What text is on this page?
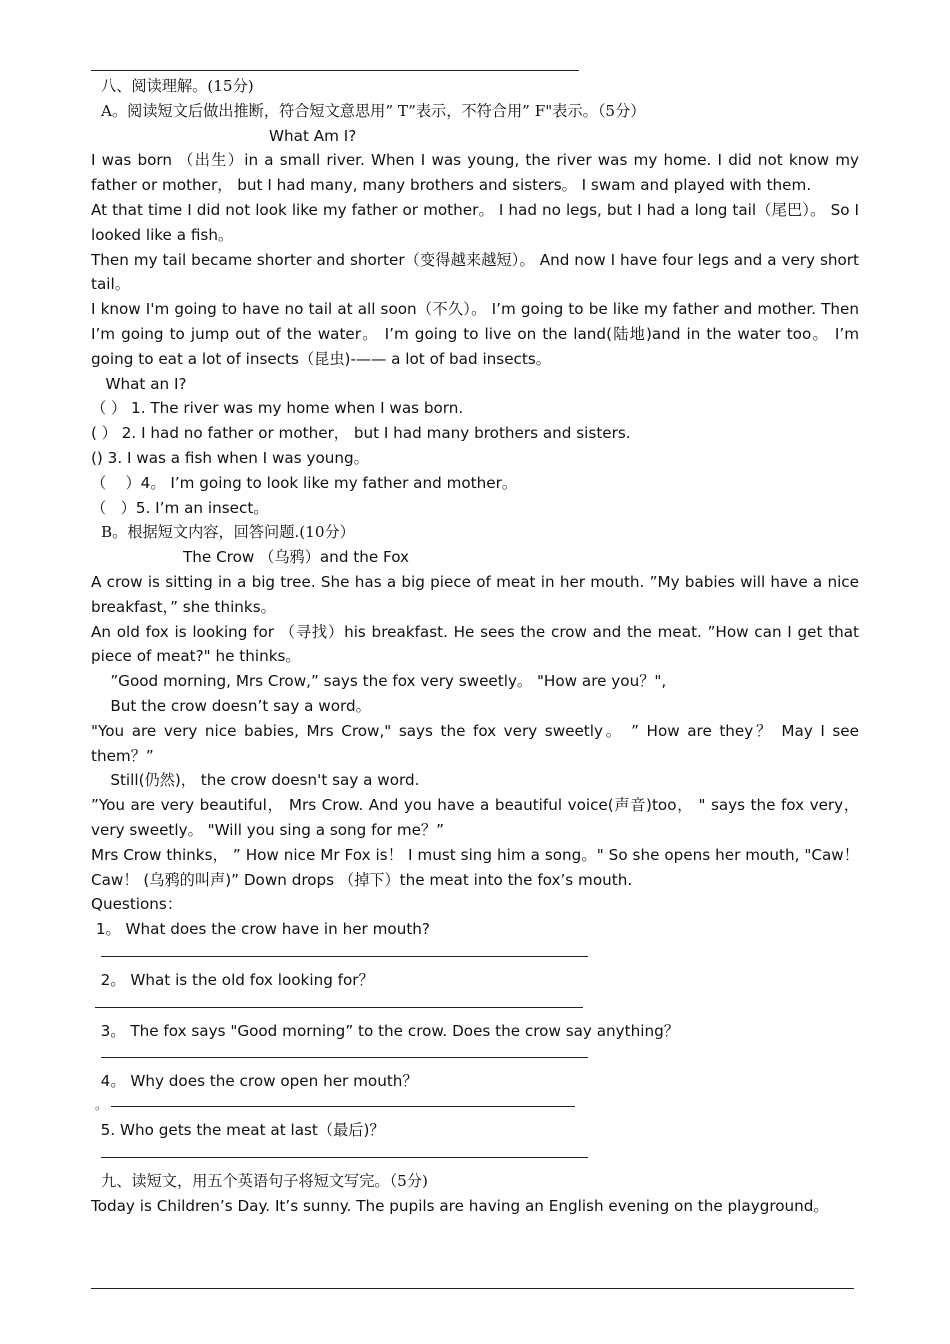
八、阅读理解。(15分)
A。阅读短文后做出推断，符合短文意思用” T”表示，不符合用” F"表示。（5分）
What Am I?
I was born （出生）in a small river. When I was young, the river was my home. I did not know my father or mother， but I had many, many brothers and sisters。 I swam and played with them.
At that time I did not look like my father or mother。 I had no legs, but I had a long tail（尾巴）。 So I looked like a fish。
Then my tail became shorter and shorter（变得越来越短）。 And now I have four legs and a very short tail。
I know I'm going to have no tail at all soon（不久）。 I’m going to be like my father and mother. Then I’m going to jump out of the water。 I’m going to live on the land(陆地)and in the water too。 I’m going to eat a lot of insects（昆虫)-—— a lot of bad insects。
What an I?
（ ） 1. The river was my home when I was born.
( ） 2. I had no father or mother， but I had many brothers and sisters.
() 3. I was a fish when I was young。
（    ）4。 I’m going to look like my father and mother。
（   ）5. I’m an insect。
B。根据短文内容，回答问题.(10分）
The Crow （乌鸦）and the Fox
A crow is sitting in a big tree. She has a big piece of meat in her mouth. ”My babies will have a nice breakfast，” she thinks。
An old fox is looking for （寻找）his breakfast. He sees the crow and the meat. ”How can I get that piece of meat?" he thinks。
”Good morning, Mrs Crow,” says the fox very sweetly。 "How are you？",
But the crow doesn’t say a word。
"You are very nice babies, Mrs Crow," says the fox very sweetly。 ” How are they？ May I see them？”
Still(仍然)， the crow doesn't say a word.
”You are very beautiful， Mrs Crow. And you have a beautiful voice(声音)too， " says the fox very， very sweetly。 "Will you sing a song for me？”
Mrs Crow thinks， ” How nice Mr Fox is！ I must sing him a song。" So she opens her mouth, "Caw！ Caw！ (乌鸦的叫声)” Down drops （掉下）the meat into the fox’s mouth.
Questions：
1。 What does the crow have in her mouth?
2。 What is the old fox looking for？
3。 The fox says "Good morning” to the crow. Does the crow say anything？
4。 Why does the crow open her mouth？
。
5. Who gets the meat at last（最后)？
九、读短文，用五个英语句子将短文写完。（5分)
Today is Children’s Day. It’s sunny. The pupils are having an English evening on the playground。
